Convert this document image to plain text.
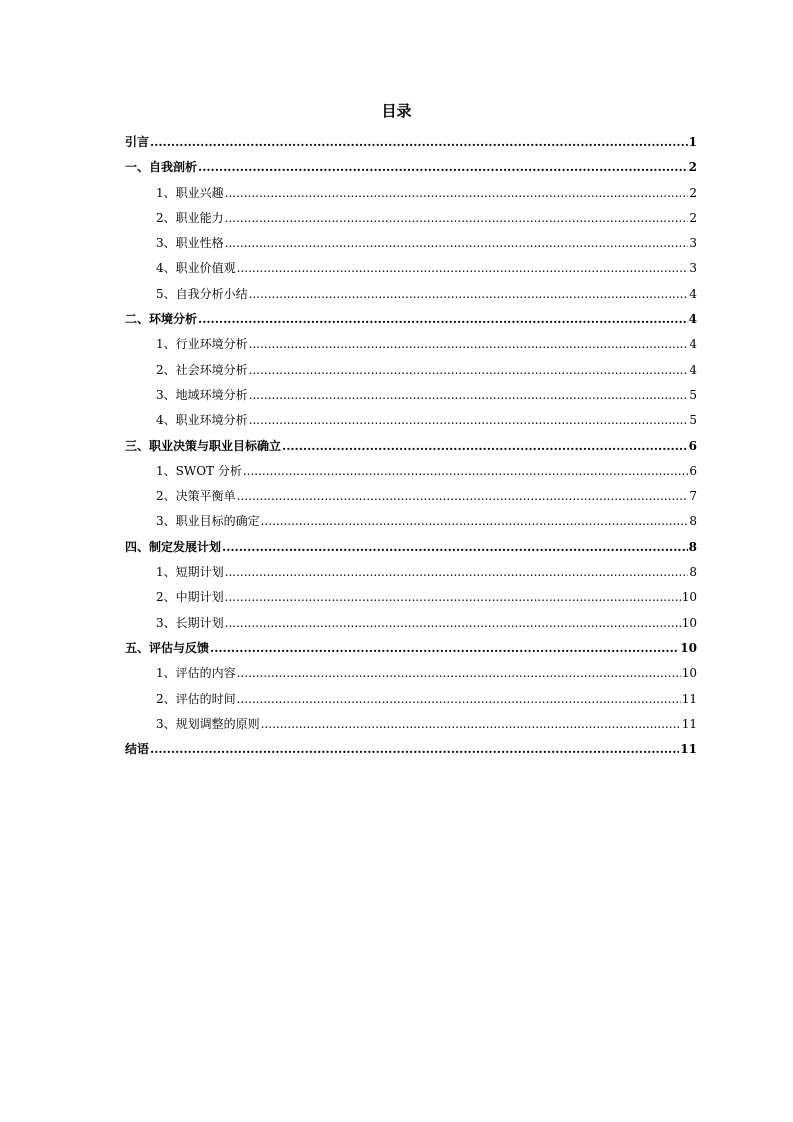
目录
引言 .....	1
一、自我剖析 .....	2
1、职业兴趣 .....	2
2、职业能力 .....	2
3、职业性格 .....	3
4、职业价值观 .....	3
5、自我分析小结 .....	4
二、环境分析 .....	4
1、行业环境分析 .....	4
2、社会环境分析 .....	4
3、地域环境分析 .....	5
4、职业环境分析 .....	5
三、职业决策与职业目标确立 .....	6
1、SWOT 分析 .....	6
2、决策平衡单 .....	7
3、职业目标的确定 .....	8
四、制定发展计划 .....	8
1、短期计划 .....	8
2、中期计划 .....	10
3、长期计划 .....	10
五、评估与反馈 .....	10
1、评估的内容 .....	10
2、评估的时间 .....	11
3、规划调整的原则 .....	11
结语 .....	11
